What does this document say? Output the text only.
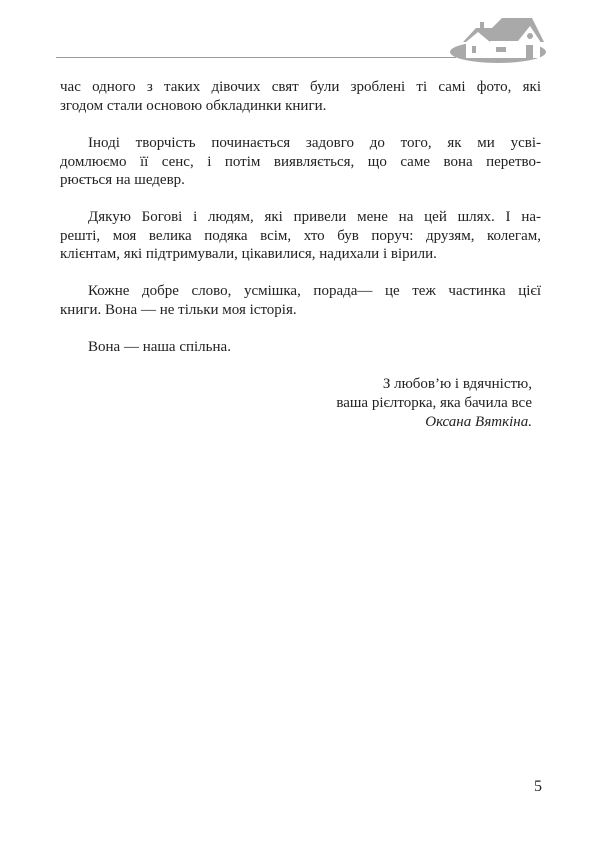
час одного з таких дівочих свят були зроблені ті самі фото, які
згодом стали основою обкладинки книги.
Іноді творчість починається задовго до того, як ми усві-
домлюємо її сенс, і потім виявляється, що саме вона перетво-
рюється на шедевр.
Дякую Богові і людям, які привели мене на цей шлях. І на-
решті, моя велика подяка всім, хто був поруч: друзям, колегам,
клієнтам, які підтримували, цікавилися, надихали і вірили.
Кожне добре слово, усмішка, порада— це теж частинка цієї
книги. Вона — не тільки моя історія.
Вона — наша спільна.
З любов’ю і вдячністю,
ваша рієлторка, яка бачила все
Оксана Вяткіна.
5
